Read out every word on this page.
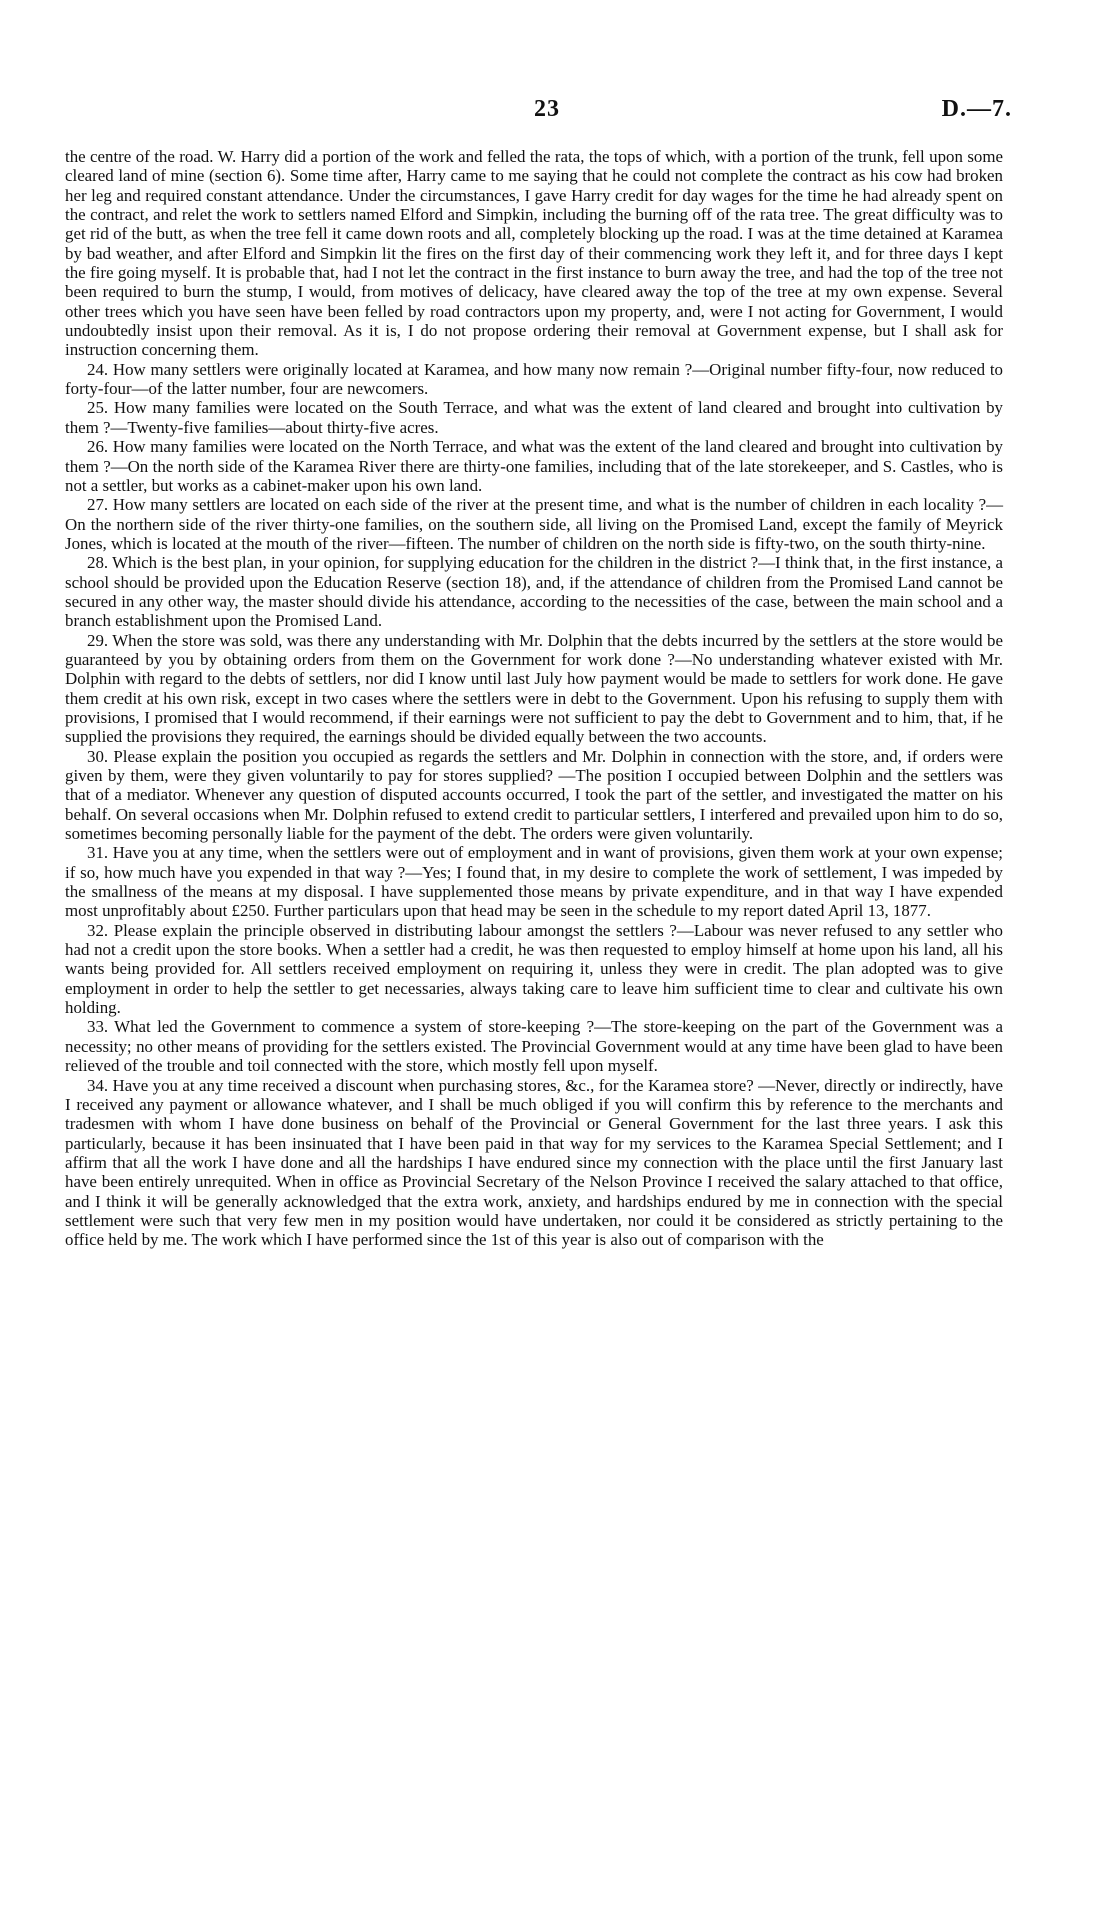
23	D.—7.

the centre of the road. W. Harry did a portion of the work and felled the rata, the tops of which, with a portion of the trunk, fell upon some cleared land of mine (section 6). Some time after, Harry came to me saying that he could not complete the contract as his cow had broken her leg and required constant attendance. Under the circumstances, I gave Harry credit for day wages for the time he had already spent on the contract, and relet the work to settlers named Elford and Simpkin, including the burning off of the rata tree. The great difficulty was to get rid of the butt, as when the tree fell it came down roots and all, completely blocking up the road. I was at the time detained at Karamea by bad weather, and after Elford and Simpkin lit the fires on the first day of their commencing work they left it, and for three days I kept the fire going myself. It is probable that, had I not let the contract in the first instance to burn away the tree, and had the top of the tree not been required to burn the stump, I would, from motives of delicacy, have cleared away the top of the tree at my own expense. Several other trees which you have seen have been felled by road contractors upon my property, and, were I not acting for Government, I would undoubtedly insist upon their removal. As it is, I do not propose ordering their removal at Government expense, but I shall ask for instruction concerning them.

24. How many settlers were originally located at Karamea, and how many now remain ?—Original number fifty-four, now reduced to forty-four—of the latter number, four are newcomers.

25. How many families were located on the South Terrace, and what was the extent of land cleared and brought into cultivation by them ?—Twenty-five families—about thirty-five acres.

26. How many families were located on the North Terrace, and what was the extent of the land cleared and brought into cultivation by them ?—On the north side of the Karamea River there are thirty-one families, including that of the late storekeeper, and S. Castles, who is not a settler, but works as a cabinet-maker upon his own land.

27. How many settlers are located on each side of the river at the present time, and what is the number of children in each locality ?—On the northern side of the river thirty-one families, on the southern side, all living on the Promised Land, except the family of Meyrick Jones, which is located at the mouth of the river—fifteen. The number of children on the north side is fifty-two, on the south thirty-nine.

28. Which is the best plan, in your opinion, for supplying education for the children in the district ?—I think that, in the first instance, a school should be provided upon the Education Reserve (section 18), and, if the attendance of children from the Promised Land cannot be secured in any other way, the master should divide his attendance, according to the necessities of the case, between the main school and a branch establishment upon the Promised Land.

29. When the store was sold, was there any understanding with Mr. Dolphin that the debts incurred by the settlers at the store would be guaranteed by you by obtaining orders from them on the Government for work done ?—No understanding whatever existed with Mr. Dolphin with regard to the debts of settlers, nor did I know until last July how payment would be made to settlers for work done. He gave them credit at his own risk, except in two cases where the settlers were in debt to the Government. Upon his refusing to supply them with provisions, I promised that I would recommend, if their earnings were not sufficient to pay the debt to Government and to him, that, if he supplied the provisions they required, the earnings should be divided equally between the two accounts.

30. Please explain the position you occupied as regards the settlers and Mr. Dolphin in connection with the store, and, if orders were given by them, were they given voluntarily to pay for stores supplied? —The position I occupied between Dolphin and the settlers was that of a mediator. Whenever any question of disputed accounts occurred, I took the part of the settler, and investigated the matter on his behalf. On several occasions when Mr. Dolphin refused to extend credit to particular settlers, I interfered and prevailed upon him to do so, sometimes becoming personally liable for the payment of the debt. The orders were given voluntarily.

31. Have you at any time, when the settlers were out of employment and in want of provisions, given them work at your own expense; if so, how much have you expended in that way ?—Yes; I found that, in my desire to complete the work of settlement, I was impeded by the smallness of the means at my disposal. I have supplemented those means by private expenditure, and in that way I have expended most unprofitably about £250. Further particulars upon that head may be seen in the schedule to my report dated April 13, 1877.

32. Please explain the principle observed in distributing labour amongst the settlers ?—Labour was never refused to any settler who had not a credit upon the store books. When a settler had a credit, he was then requested to employ himself at home upon his land, all his wants being provided for. All settlers received employment on requiring it, unless they were in credit. The plan adopted was to give employment in order to help the settler to get necessaries, always taking care to leave him sufficient time to clear and cultivate his own holding.

33. What led the Government to commence a system of store-keeping ?—The store-keeping on the part of the Government was a necessity; no other means of providing for the settlers existed. The Provincial Government would at any time have been glad to have been relieved of the trouble and toil connected with the store, which mostly fell upon myself.

34. Have you at any time received a discount when purchasing stores, &c., for the Karamea store? —Never, directly or indirectly, have I received any payment or allowance whatever, and I shall be much obliged if you will confirm this by reference to the merchants and tradesmen with whom I have done business on behalf of the Provincial or General Government for the last three years. I ask this particularly, because it has been insinuated that I have been paid in that way for my services to the Karamea Special Settlement; and I affirm that all the work I have done and all the hardships I have endured since my connection with the place until the first January last have been entirely unrequited. When in office as Provincial Secretary of the Nelson Province I received the salary attached to that office, and I think it will be generally acknowledged that the extra work, anxiety, and hardships endured by me in connection with the special settlement were such that very few men in my position would have undertaken, nor could it be considered as strictly pertaining to the office held by me. The work which I have performed since the 1st of this year is also out of comparison with the
